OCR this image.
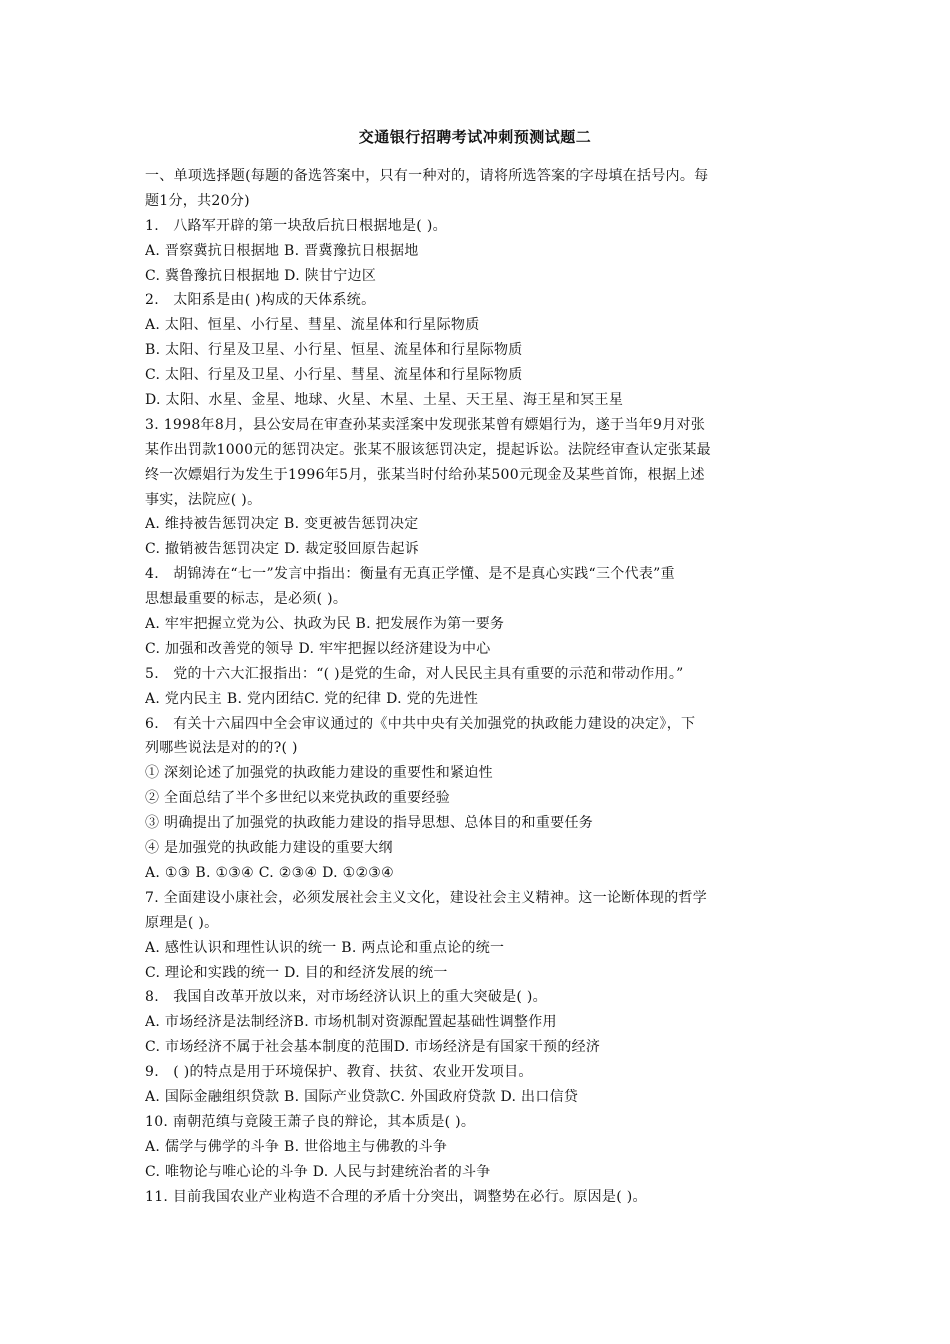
交通银行招聘考试冲刺预测试题二
一、单项选择题(每题的备选答案中，只有一种对的，请将所选答案的字母填在括号内。每
题1分，共20分)
1.   八路军开辟的第一块敌后抗日根据地是( )。
A. 晋察冀抗日根据地 B. 晋冀豫抗日根据地
C. 冀鲁豫抗日根据地 D. 陕甘宁边区
2.   太阳系是由( )构成的天体系统。
A. 太阳、恒星、小行星、彗星、流星体和行星际物质
B. 太阳、行星及卫星、小行星、恒星、流星体和行星际物质
C. 太阳、行星及卫星、小行星、彗星、流星体和行星际物质
D. 太阳、水星、金星、地球、火星、木星、土星、天王星、海王星和冥王星
3. 1998年8月，县公安局在审查孙某卖淫案中发现张某曾有嫖娼行为，遂于当年9月对张
某作出罚款1000元的惩罚决定。张某不服该惩罚决定，提起诉讼。法院经审查认定张某最
终一次嫖娼行为发生于1996年5月，张某当时付给孙某500元现金及某些首饰，根据上述
事实，法院应( )。
A. 维持被告惩罚决定 B. 变更被告惩罚决定
C. 撤销被告惩罚决定 D. 裁定驳回原告起诉
4.   胡锦涛在“七一”发言中指出：衡量有无真正学懂、是不是真心实践“三个代表”重
思想最重要的标志，是必须( )。
A. 牢牢把握立党为公、执政为民 B. 把发展作为第一要务
C. 加强和改善党的领导 D. 牢牢把握以经济建设为中心
5.   党的十六大汇报指出：“( )是党的生命，对人民民主具有重要的示范和带动作用。”
A. 党内民主 B. 党内团结C. 党的纪律 D. 党的先进性
6.   有关十六届四中全会审议通过的《中共中央有关加强党的执政能力建设的决定》，下
列哪些说法是对的的?( )
① 深刻论述了加强党的执政能力建设的重要性和紧迫性
② 全面总结了半个多世纪以来党执政的重要经验
③ 明确提出了加强党的执政能力建设的指导思想、总体目的和重要任务
④ 是加强党的执政能力建设的重要大纲
A. ①③ B. ①③④ C. ②③④ D. ①②③④
7. 全面建设小康社会，必须发展社会主义文化，建设社会主义精神。这一论断体现的哲学
原理是( )。
A. 感性认识和理性认识的统一 B. 两点论和重点论的统一
C. 理论和实践的统一 D. 目的和经济发展的统一
8.   我国自改革开放以来，对市场经济认识上的重大突破是( )。
A. 市场经济是法制经济B. 市场机制对资源配置起基础性调整作用
C. 市场经济不属于社会基本制度的范围D. 市场经济是有国家干预的经济
9.   ( )的特点是用于环境保护、教育、扶贫、农业开发项目。
A. 国际金融组织贷款 B. 国际产业贷款C. 外国政府贷款 D. 出口信贷
10. 南朝范缜与竟陵王萧子良的辩论，其本质是( )。
A. 儒学与佛学的斗争 B. 世俗地主与佛教的斗争
C. 唯物论与唯心论的斗争 D. 人民与封建统治者的斗争
11. 目前我国农业产业构造不合理的矛盾十分突出，调整势在必行。原因是( )。
